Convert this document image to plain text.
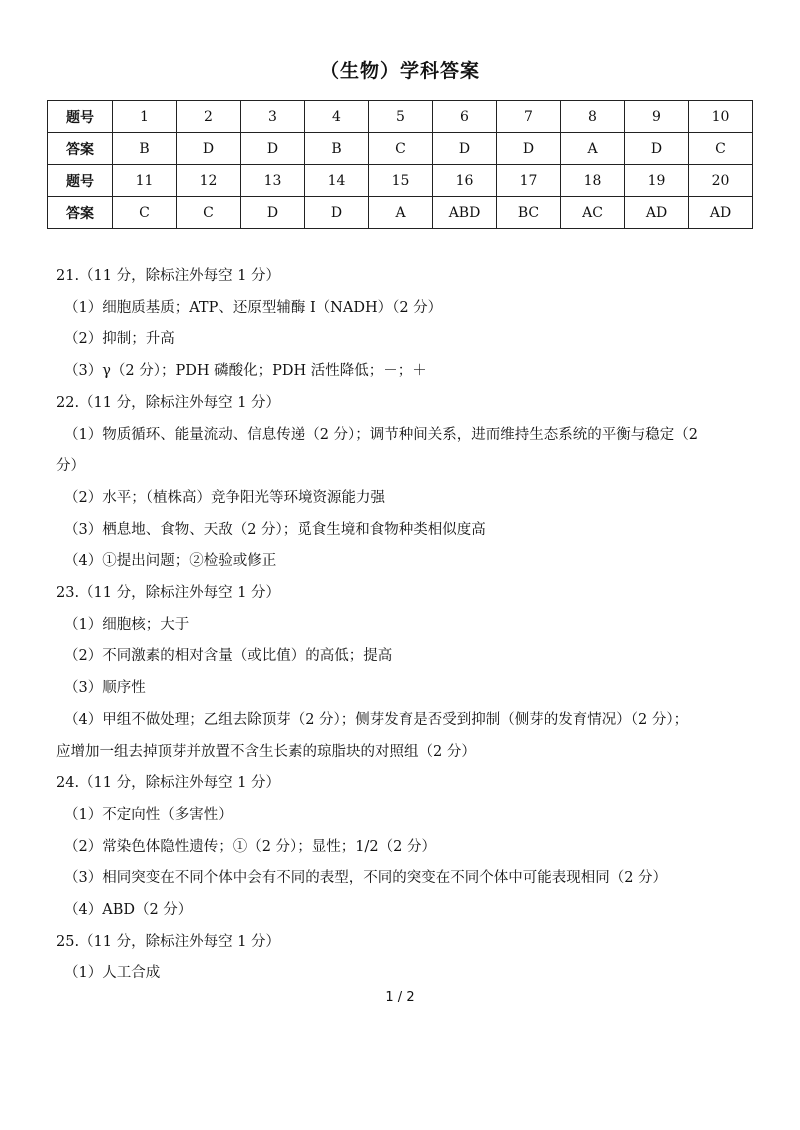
（生物）学科答案
题号	1	2	3	4	5	6	7	8	9	10
答案	B	D	D	B	C	D	D	A	D	C
题号	11	12	13	14	15	16	17	18	19	20
答案	C	C	D	D	A	ABD	BC	AC	AD	AD
21.（11 分，除标注外每空 1 分）
（1）细胞质基质；ATP、还原型辅酶 I（NADH）（2 分）
（2）抑制；升高
（3）γ（2 分）；PDH 磷酸化；PDH 活性降低；－；＋
22.（11 分，除标注外每空 1 分）
（1）物质循环、能量流动、信息传递（2 分）；调节种间关系，进而维持生态系统的平衡与稳定（2
分）
（2）水平；（植株高）竞争阳光等环境资源能力强
（3）栖息地、食物、天敌（2 分）；觅食生境和食物种类相似度高
（4）①提出问题；②检验或修正
23.（11 分，除标注外每空 1 分）
（1）细胞核；大于
（2）不同激素的相对含量（或比值）的高低；提高
（3）顺序性
（4）甲组不做处理；乙组去除顶芽（2 分）；侧芽发育是否受到抑制（侧芽的发育情况）（2 分）；
应增加一组去掉顶芽并放置不含生长素的琼脂块的对照组（2 分）
24.（11 分，除标注外每空 1 分）
（1）不定向性（多害性）
（2）常染色体隐性遗传；①（2 分）；显性；1/2（2 分）
（3）相同突变在不同个体中会有不同的表型，不同的突变在不同个体中可能表现相同（2 分）
（4）ABD（2 分）
25.（11 分，除标注外每空 1 分）
（1）人工合成
1 / 2
